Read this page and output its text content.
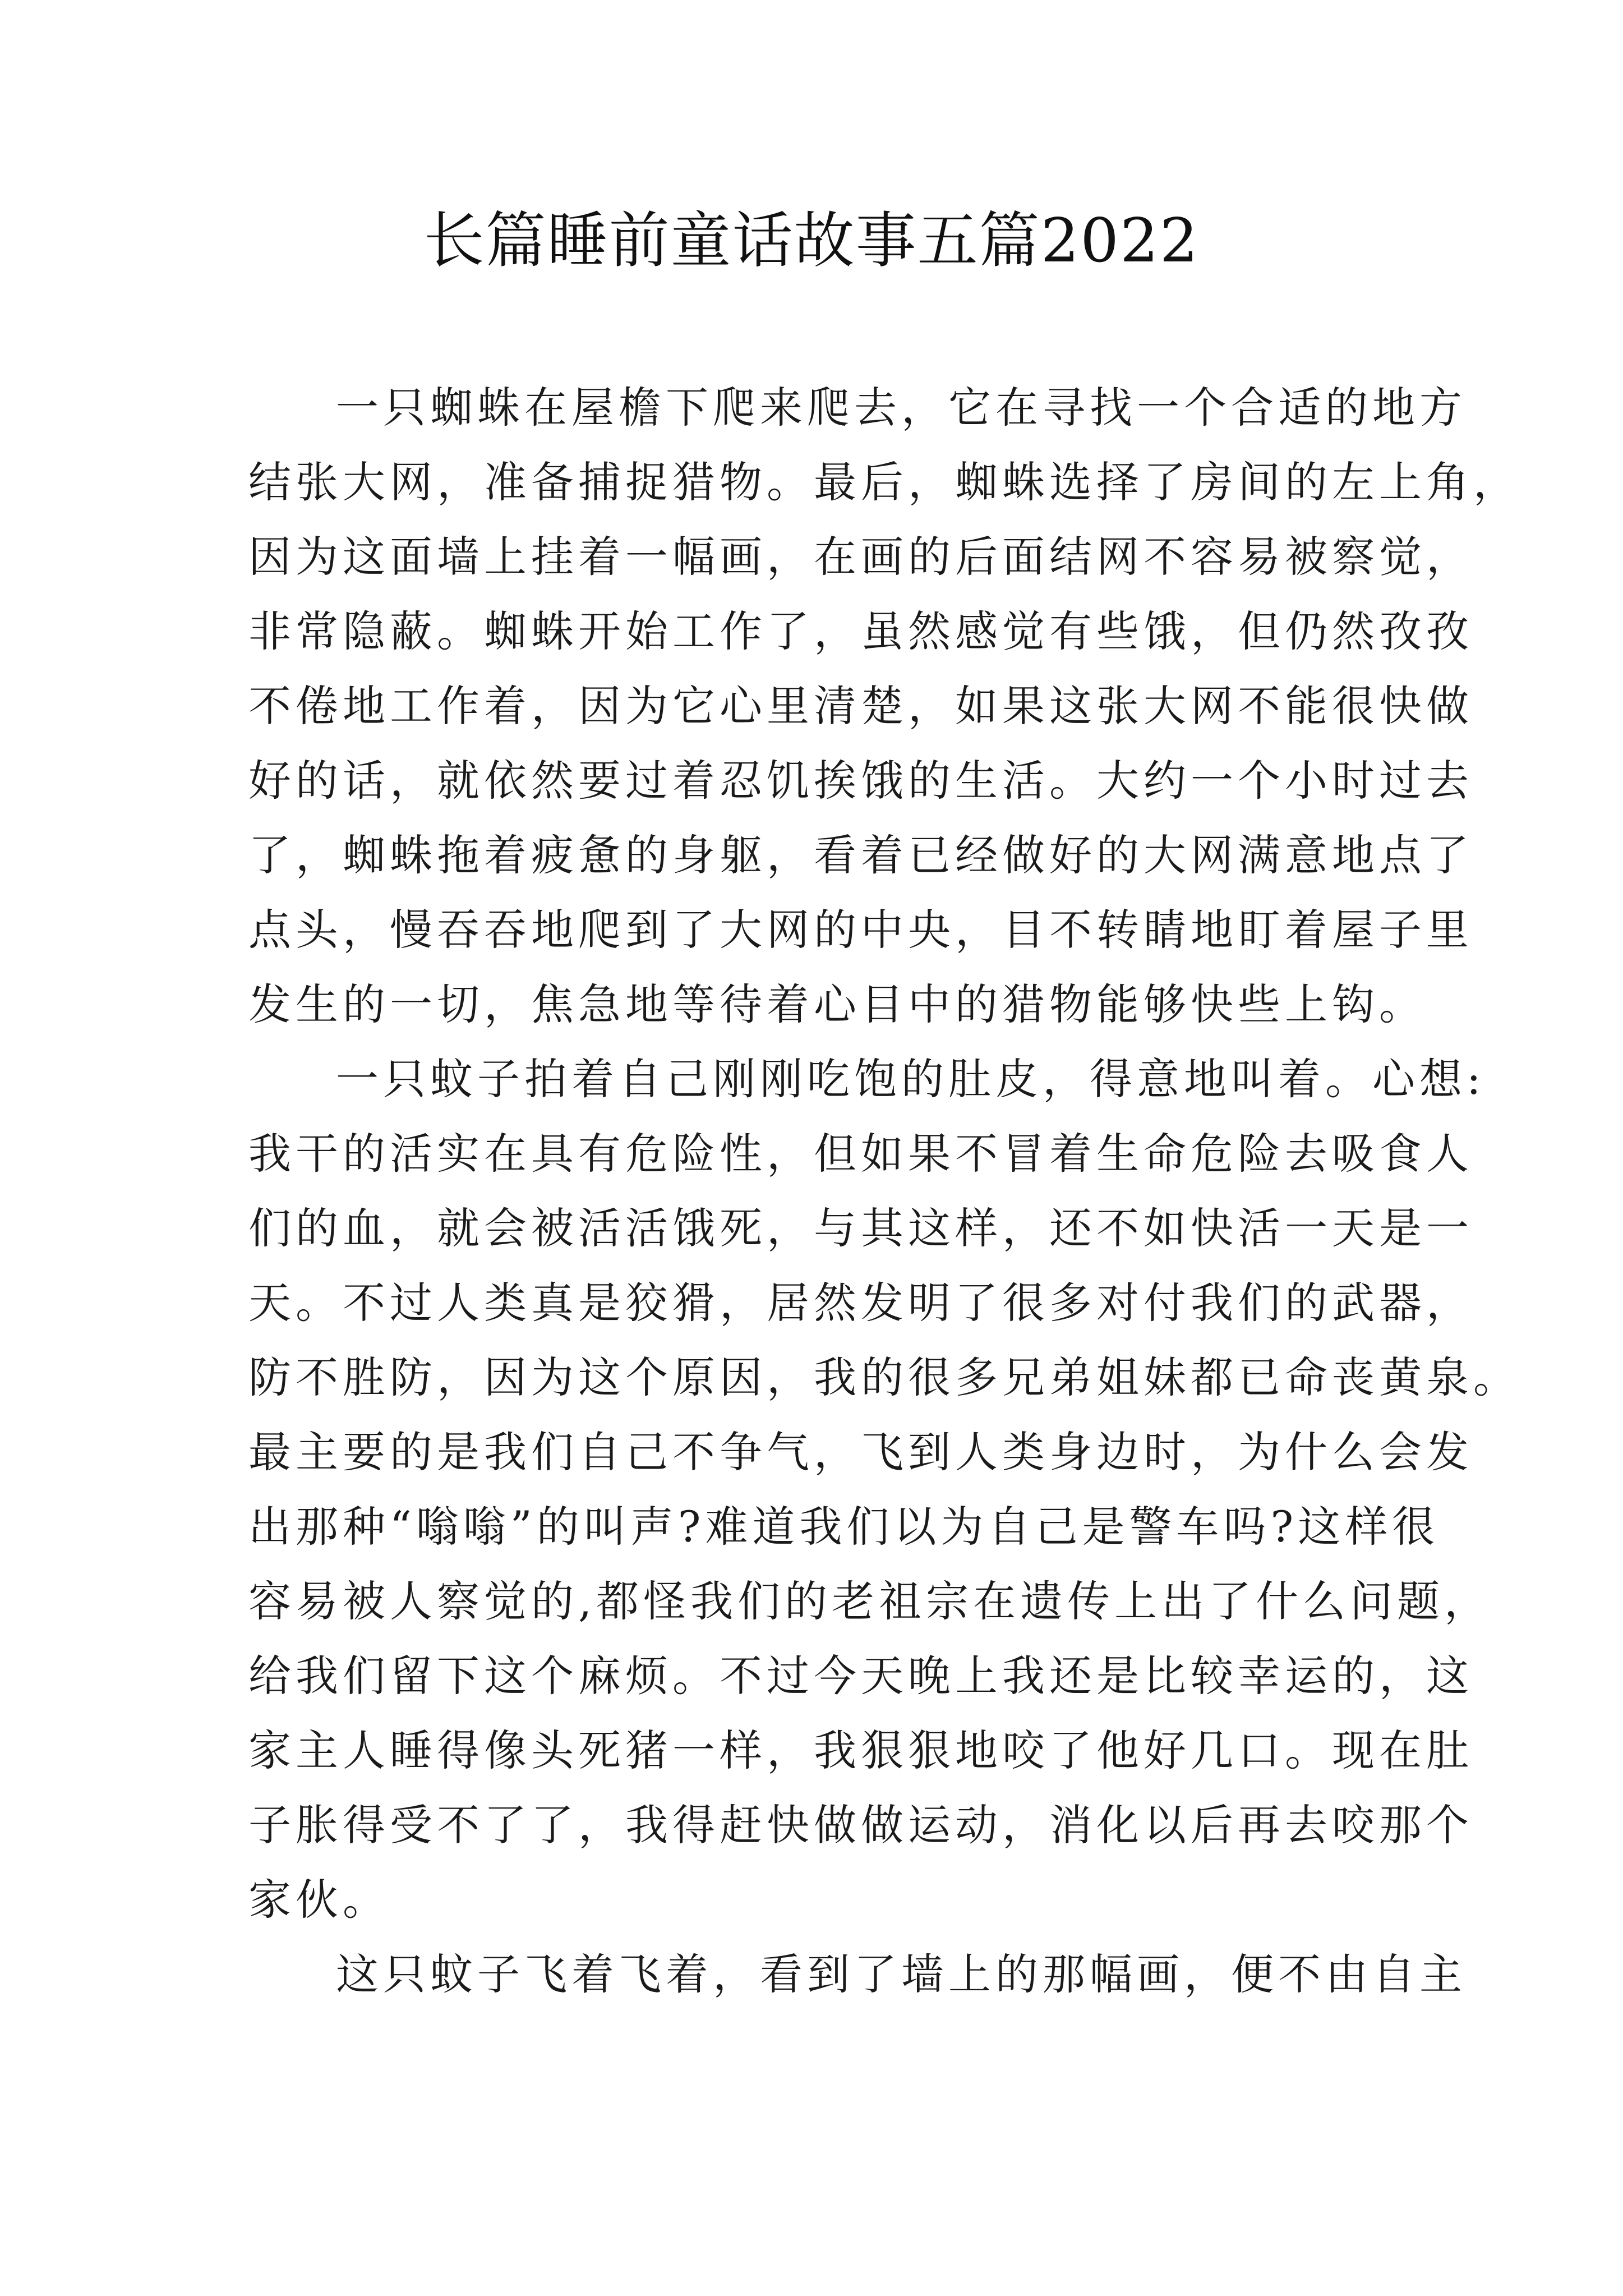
长篇睡前童话故事五篇2022
一只蜘蛛在屋檐下爬来爬去，它在寻找一个合适的地方
结张大网，准备捕捉猎物。最后，蜘蛛选择了房间的左上角，
因为这面墙上挂着一幅画，在画的后面结网不容易被察觉，
非常隐蔽。蜘蛛开始工作了，虽然感觉有些饿，但仍然孜孜
不倦地工作着，因为它心里清楚，如果这张大网不能很快做
好的话，就依然要过着忍饥挨饿的生活。大约一个小时过去
了，蜘蛛拖着疲惫的身躯，看着已经做好的大网满意地点了
点头，慢吞吞地爬到了大网的中央，目不转睛地盯着屋子里
发生的一切，焦急地等待着心目中的猎物能够快些上钩。
一只蚊子拍着自己刚刚吃饱的肚皮，得意地叫着。心想:
我干的活实在具有危险性，但如果不冒着生命危险去吸食人
们的血，就会被活活饿死，与其这样，还不如快活一天是一
天。不过人类真是狡猾，居然发明了很多对付我们的武器，
防不胜防，因为这个原因，我的很多兄弟姐妹都已命丧黄泉。
最主要的是我们自己不争气，飞到人类身边时，为什么会发
出那种“嗡嗡”的叫声?难道我们以为自己是警车吗?这样很
容易被人察觉的,都怪我们的老祖宗在遗传上出了什么问题，
给我们留下这个麻烦。不过今天晚上我还是比较幸运的，这
家主人睡得像头死猪一样，我狠狠地咬了他好几口。现在肚
子胀得受不了了，我得赶快做做运动，消化以后再去咬那个
家伙。
这只蚊子飞着飞着，看到了墙上的那幅画，便不由自主
